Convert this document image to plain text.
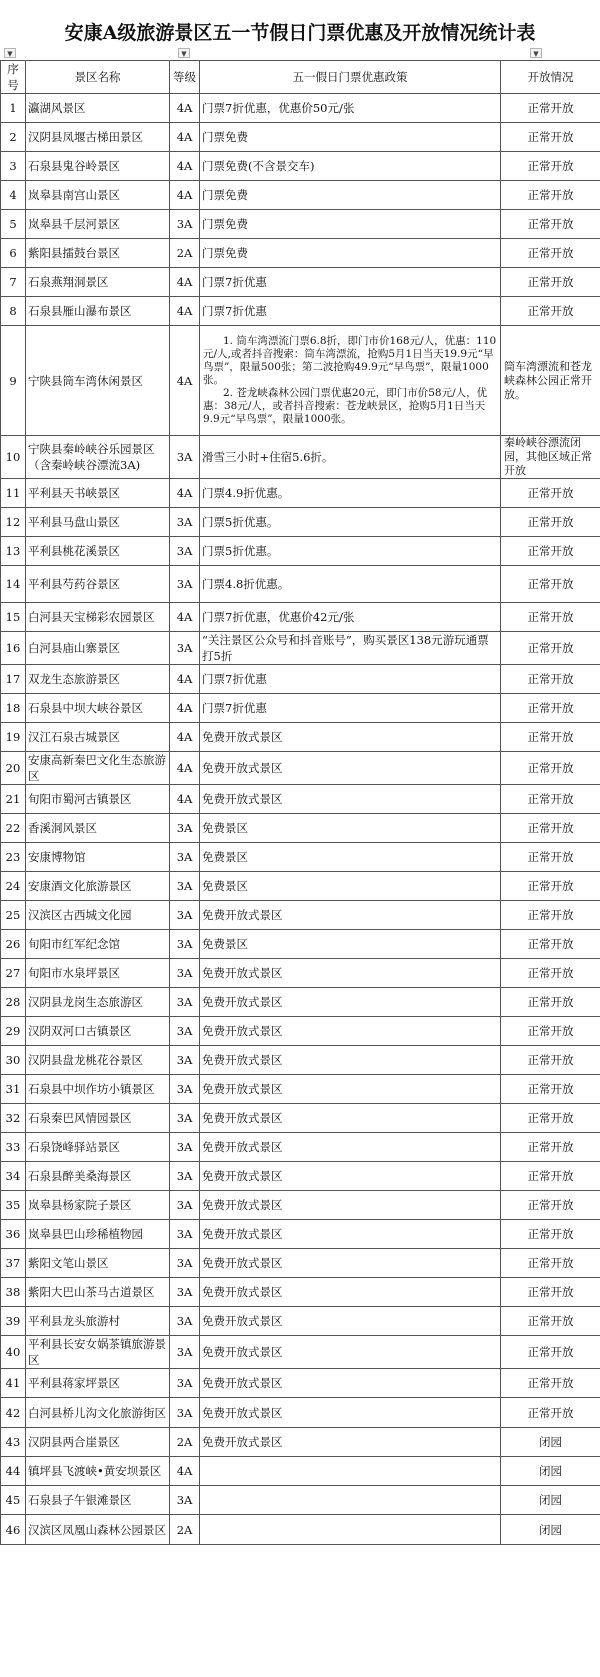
安康A级旅游景区五一节假日门票优惠及开放情况统计表
▼	▼	▼
序号	景区名称	等级	五一假日门票优惠政策	开放情况
1	瀛湖风景区	4A	门票7折优惠，优惠价50元/张	正常开放
2	汉阴县凤堰古梯田景区	4A	门票免费	正常开放
3	石泉县鬼谷岭景区	4A	门票免费(不含景交车)	正常开放
4	岚皋县南宫山景区	4A	门票免费	正常开放
5	岚皋县千层河景区	3A	门票免费	正常开放
6	紫阳县擂鼓台景区	2A	门票免费	正常开放
7	石泉燕翔洞景区	4A	门票7折优惠	正常开放
8	石泉县雁山瀑布景区	4A	门票7折优惠	正常开放
9	宁陕县筒车湾休闲景区	4A	1. 筒车湾漂流门票6.8折，即门市价168元/人，优惠：110元/人,或者抖音搜索：筒车湾漂流，抢购5月1日当天19.9元“早鸟票”，限量500张；第二波抢购49.9元“早鸟票”，限量1000张。
2. 苍龙峡森林公园门票优惠20元，即门市价58元/人，优惠：38元/人，或者抖音搜索：苍龙峡景区，抢购5月1日当天9.9元“早鸟票”，限量1000张。	筒车湾漂流和苍龙峡森林公园正常开放。
10	宁陕县秦岭峡谷乐园景区（含秦岭峡谷漂流3A)	3A	滑雪三小时+住宿5.6折。	秦岭峡谷漂流闭园，其他区域正常开放
11	平利县天书峡景区	4A	门票4.9折优惠。	正常开放
12	平利县马盘山景区	3A	门票5折优惠。	正常开放
13	平利县桃花溪景区	3A	门票5折优惠。	正常开放
14	平利县芍药谷景区	3A	门票4.8折优惠。	正常开放
15	白河县天宝梯彩农园景区	4A	门票7折优惠，优惠价42元/张	正常开放
16	白河县庙山寨景区	3A	“关注景区公众号和抖音账号”，购买景区138元游玩通票打5折	正常开放
17	双龙生态旅游景区	4A	门票7折优惠	正常开放
18	石泉县中坝大峡谷景区	4A	门票7折优惠	正常开放
19	汉江石泉古城景区	4A	免费开放式景区	正常开放
20	安康高新秦巴文化生态旅游区	4A	免费开放式景区	正常开放
21	旬阳市蜀河古镇景区	4A	免费开放式景区	正常开放
22	香溪洞风景区	3A	免费景区	正常开放
23	安康博物馆	3A	免费景区	正常开放
24	安康酒文化旅游景区	3A	免费景区	正常开放
25	汉滨区古西城文化园	3A	免费开放式景区	正常开放
26	旬阳市红军纪念馆	3A	免费景区	正常开放
27	旬阳市水泉坪景区	3A	免费开放式景区	正常开放
28	汉阴县龙岗生态旅游区	3A	免费开放式景区	正常开放
29	汉阴双河口古镇景区	3A	免费开放式景区	正常开放
30	汉阴县盘龙桃花谷景区	3A	免费开放式景区	正常开放
31	石泉县中坝作坊小镇景区	3A	免费开放式景区	正常开放
32	石泉秦巴风情园景区	3A	免费开放式景区	正常开放
33	石泉饶峰驿站景区	3A	免费开放式景区	正常开放
34	石泉县醉美桑海景区	3A	免费开放式景区	正常开放
35	岚皋县杨家院子景区	3A	免费开放式景区	正常开放
36	岚皋县巴山珍稀植物园	3A	免费开放式景区	正常开放
37	紫阳文笔山景区	3A	免费开放式景区	正常开放
38	紫阳大巴山茶马古道景区	3A	免费开放式景区	正常开放
39	平利县龙头旅游村	3A	免费开放式景区	正常开放
40	平利县长安女娲茶镇旅游景区	3A	免费开放式景区	正常开放
41	平利县蒋家坪景区	3A	免费开放式景区	正常开放
42	白河县桥儿沟文化旅游街区	3A	免费开放式景区	正常开放
43	汉阴县两合崖景区	2A	免费开放式景区	闭园
44	镇坪县飞渡峡•黄安坝景区	4A		闭园
45	石泉县子午银滩景区	3A		闭园
46	汉滨区凤凰山森林公园景区	2A		闭园
